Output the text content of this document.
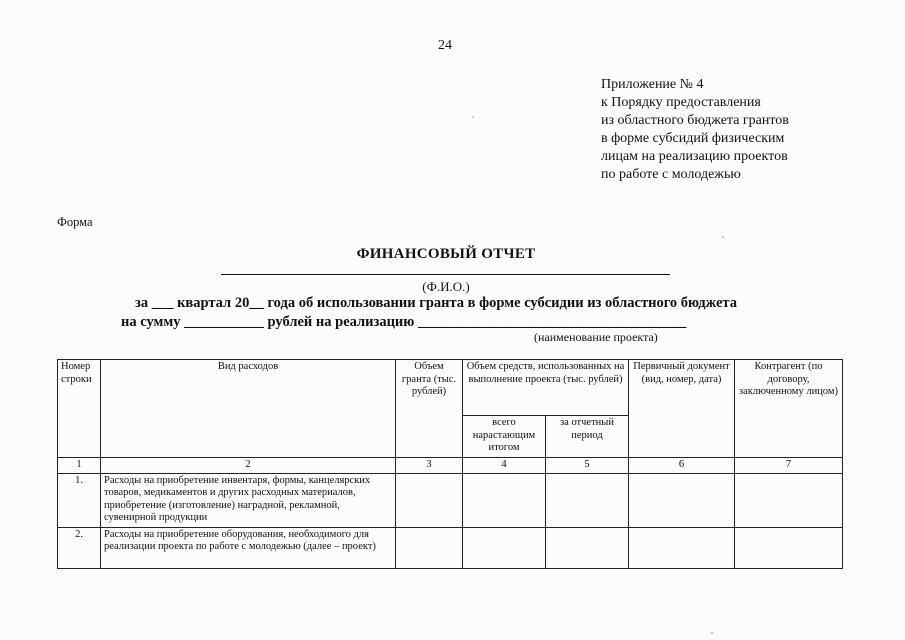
24
Приложение № 4
к Порядку предоставления
из областного бюджета грантов
в форме субсидий физическим
лицам на реализацию проектов
по работе с молодежью
Форма
ФИНАНСОВЫЙ ОТЧЕТ
(Ф.И.О.)
за ___ квартал 20__ года об использовании гранта в форме субсидии из областного бюджета
на сумму ___________ рублей на реализацию _____________________________________
(наименование проекта)
Номер строки	Вид расходов	Объем гранта (тыс. рублей)	Объем средств, использованных на выполнение проекта (тыс. рублей)		Первичный документ (вид, номер, дата)	Контрагент (по договору, заключенному лицом)
			всего нарастающим итогом	за отчетный период		
1	2	3	4	5	6	7
1.	Расходы на приобретение инвентаря, формы, канцелярских товаров, медикаментов и других расходных материалов, приобретение (изготовление) наградной, рекламной, сувенирной продукции					
2.	Расходы на приобретение оборудования, необходимого для реализации проекта по работе с молодежью (далее – проект)					
